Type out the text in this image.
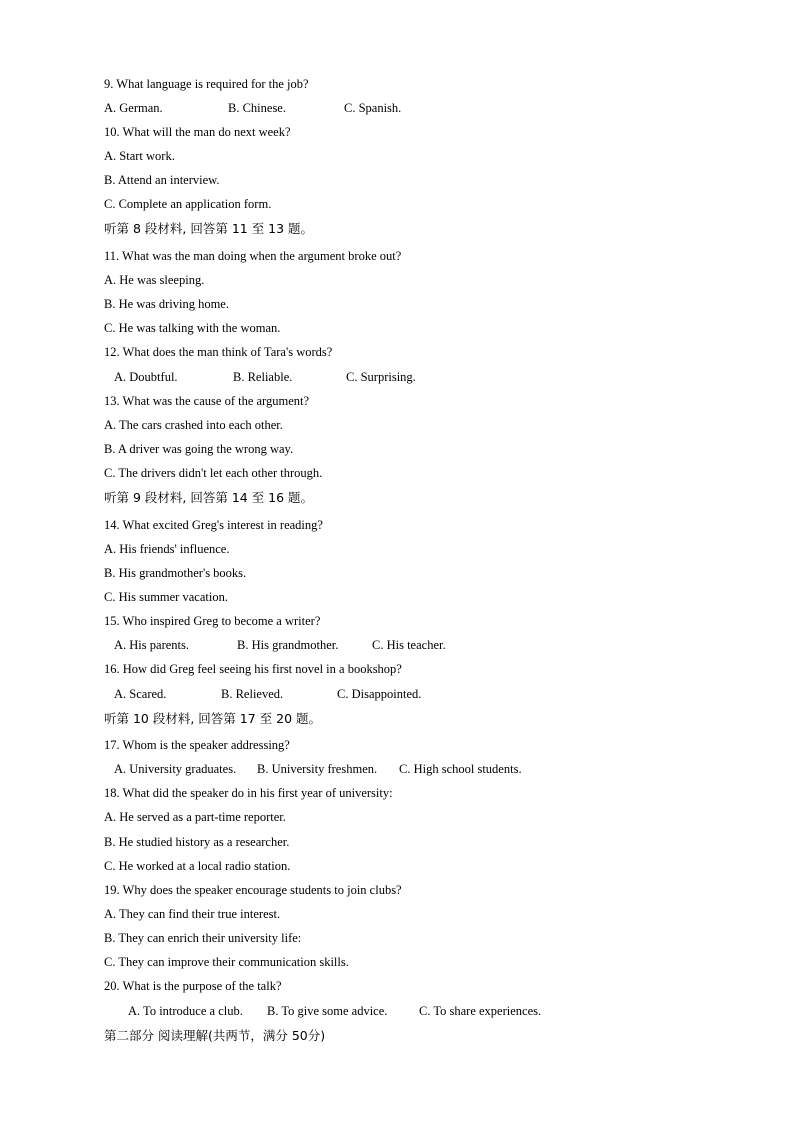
9. What language is required for the job?
A. German.	B. Chinese.	C. Spanish.
10. What will the man do next week?
A. Start work.
B. Attend an interview.
C. Complete an application form.
听第 8 段材料, 回答第 11 至 13 题。
11. What was the man doing when the argument broke out?
A. He was sleeping.
B. He was driving home.
C. He was talking with the woman.
12. What does the man think of Tara's words?
A. Doubtful.	B. Reliable.	C. Surprising.
13. What was the cause of the argument?
A. The cars crashed into each other.
B. A driver was going the wrong way.
C. The drivers didn't let each other through.
听第 9 段材料, 回答第 14 至 16 题。
14. What excited Greg's interest in reading?
A. His friends' influence.
B. His grandmother's books.
C. His summer vacation.
15. Who inspired Greg to become a writer?
A. His parents.	B. His grandmother.	C. His teacher.
16. How did Greg feel seeing his first novel in a bookshop?
A. Scared.	B. Relieved.	C. Disappointed.
听第 10 段材料, 回答第 17 至 20 题。
17. Whom is the speaker addressing?
A. University graduates. B. University freshmen. C. High school students.
18. What did the speaker do in his first year of university:
A. He served as a part-time reporter.
B. He studied history as a researcher.
C. He worked at a local radio station.
19. Why does the speaker encourage students to join clubs?
A. They can find their true interest.
B. They can enrich their university life:
C. They can improve their communication skills.
20. What is the purpose of the talk?
A. To introduce a club. B. To give some advice.	C. To share experiences.
第二部分 阅读理解(共两节，满分 50分)
